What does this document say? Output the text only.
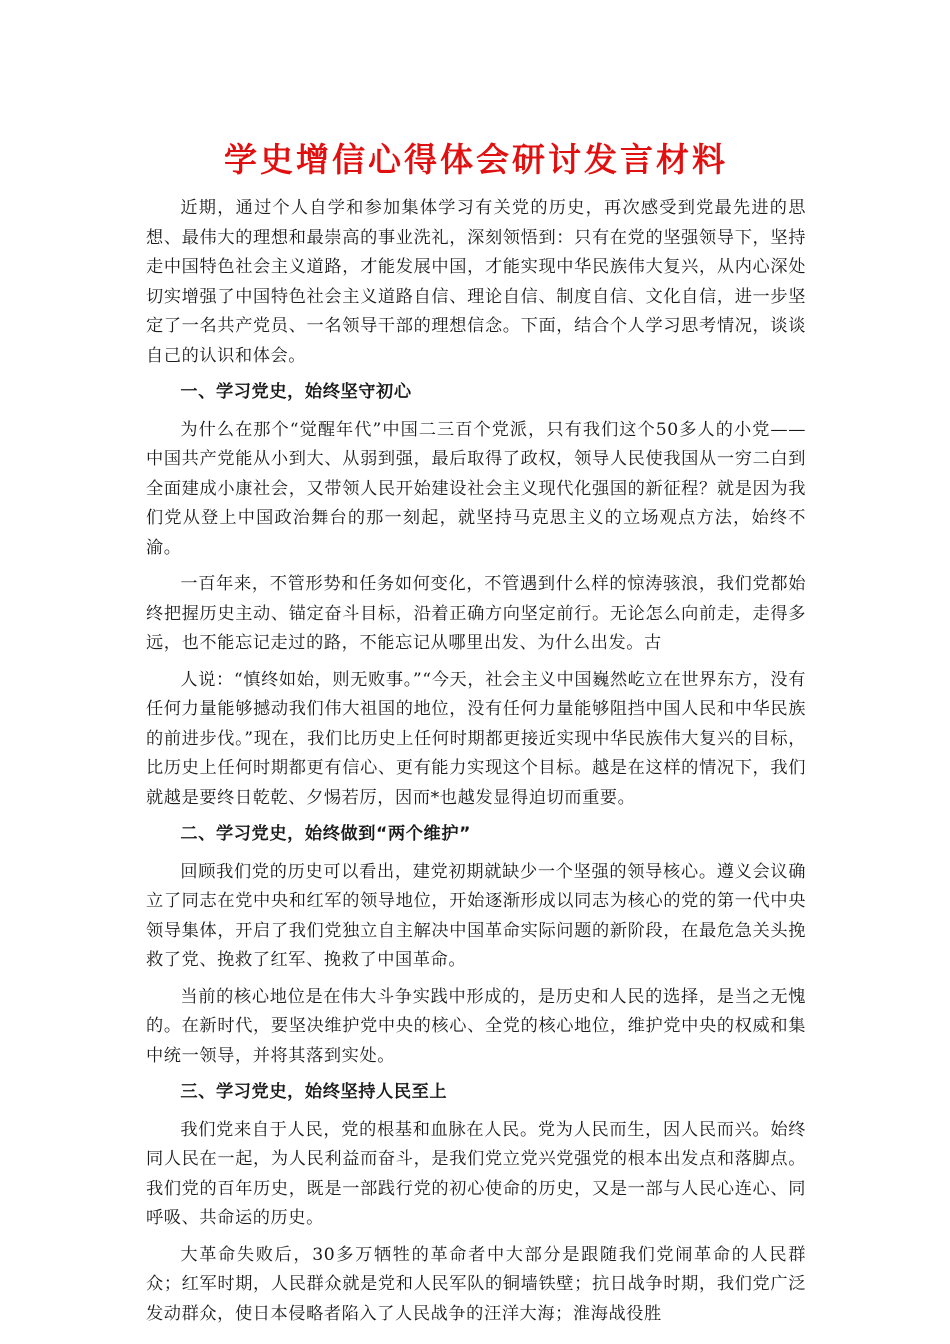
学史增信心得体会研讨发言材料
近期，通过个人自学和参加集体学习有关党的历史，再次感受到党最先进的思想、最伟大的理想和最崇高的事业洗礼，深刻领悟到：只有在党的坚强领导下，坚持走中国特色社会主义道路，才能发展中国，才能实现中华民族伟大复兴，从内心深处切实增强了中国特色社会主义道路自信、理论自信、制度自信、文化自信，进一步坚定了一名共产党员、一名领导干部的理想信念。下面，结合个人学习思考情况，谈谈自己的认识和体会。
一、学习党史，始终坚守初心
为什么在那个“觉醒年代”中国二三百个党派，只有我们这个50多人的小党——中国共产党能从小到大、从弱到强，最后取得了政权，领导人民使我国从一穷二白到全面建成小康社会，又带领人民开始建设社会主义现代化强国的新征程？就是因为我们党从登上中国政治舞台的那一刻起，就坚持马克思主义的立场观点方法，始终不渝。
一百年来，不管形势和任务如何变化，不管遇到什么样的惊涛骇浪，我们党都始终把握历史主动、锚定奋斗目标，沿着正确方向坚定前行。无论怎么向前走，走得多远，也不能忘记走过的路，不能忘记从哪里出发、为什么出发。古
人说：“慎终如始，则无败事。”“今天，社会主义中国巍然屹立在世界东方，没有任何力量能够撼动我们伟大祖国的地位，没有任何力量能够阻挡中国人民和中华民族的前进步伐。”现在，我们比历史上任何时期都更接近实现中华民族伟大复兴的目标，比历史上任何时期都更有信心、更有能力实现这个目标。越是在这样的情况下，我们就越是要终日乾乾、夕惕若厉，因而*也越发显得迫切而重要。
二、学习党史，始终做到“两个维护”
回顾我们党的历史可以看出，建党初期就缺少一个坚强的领导核心。遵义会议确立了同志在党中央和红军的领导地位，开始逐渐形成以同志为核心的党的第一代中央领导集体，开启了我们党独立自主解决中国革命实际问题的新阶段，在最危急关头挽救了党、挽救了红军、挽救了中国革命。
当前的核心地位是在伟大斗争实践中形成的，是历史和人民的选择，是当之无愧的。在新时代，要坚决维护党中央的核心、全党的核心地位，维护党中央的权威和集中统一领导，并将其落到实处。
三、学习党史，始终坚持人民至上
我们党来自于人民，党的根基和血脉在人民。党为人民而生，因人民而兴。始终同人民在一起，为人民利益而奋斗，是我们党立党兴党强党的根本出发点和落脚点。我们党的百年历史，既是一部践行党的初心使命的历史，又是一部与人民心连心、同呼吸、共命运的历史。
大革命失败后，30多万牺牲的革命者中大部分是跟随我们党闹革命的人民群众；红军时期，人民群众就是党和人民军队的铜墙铁壁；抗日战争时期，我们党广泛发动群众，使日本侵略者陷入了人民战争的汪洋大海；淮海战役胜
